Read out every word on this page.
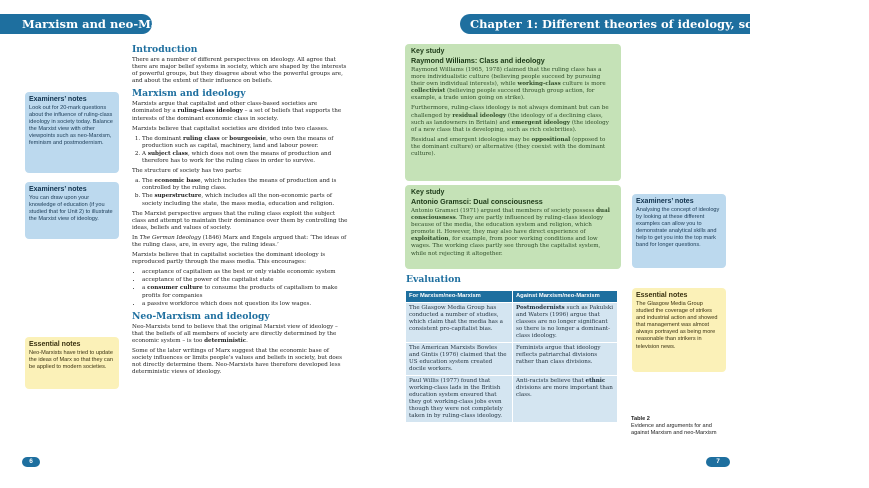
Marxism and neo-Marxism	Chapter 1: Different theories of ideology, science and religion
Examiners’ notes
Look out for 20-mark questions about the influence of ruling-class ideology in society today. Balance the Marxist view with other viewpoints such as neo-Marxism, feminism and postmodernism.
Examiners’ notes
You can draw upon your knowledge of education (if you studied that for Unit 2) to illustrate the Marxist view of ideology.
Essential notes
Neo-Marxists have tried to update the ideas of Marx so that they can be applied to modern societies.
Introduction

There are a number of different perspectives on ideology. All agree that there are major belief systems in society, which are shaped by the interests of powerful groups, but they disagree about who the powerful groups are, and about the extent of their influence on beliefs.

Marxism and ideology

Marxists argue that capitalist and other class-based societies are dominated by a ruling-class ideology – a set of beliefs that supports the interests of the dominant economic class in society.

Marxists believe that capitalist societies are divided into two classes.

1. The dominant ruling class or bourgeoisie, who own the means of production such as capital, machinery, land and labour power.
2. A subject class, which does not own the means of production and therefore has to work for the ruling class in order to survive.

The structure of society has two parts:

a. The economic base, which includes the means of production and is controlled by the ruling class.
b. The superstructure, which includes all the non-economic parts of society including the state, the mass media, education and religion.

The Marxist perspective argues that the ruling class exploit the subject class and attempt to maintain their dominance over them by controlling the ideas, beliefs and values of society.

In The German Ideology (1846) Marx and Engels argued that: ‘The ideas of the ruling class, are, in every age, the ruling ideas.’

Marxists believe that in capitalist societies the dominant ideology is reproduced partly through the mass media. This encourages:

• acceptance of capitalism as the best or only viable economic system
• acceptance of the power of the capitalist state
• a consumer culture to consume the products of capitalism to make profits for companies
• a passive workforce which does not question its low wages.
Neo-Marxism and ideology

Neo-Marxists tend to believe that the original Marxist view of ideology – that the beliefs of all members of society are directly determined by the economic system – is too deterministic.

Some of the later writings of Marx suggest that the economic base of society influences or limits people’s values and beliefs in society, but does not directly determine them. Neo-Marxists have therefore developed less deterministic views of ideology.

Key study
Raymond Williams: Class and ideology

Raymond Williams (1965, 1978) claimed that the ruling class has a more individualistic culture (believing people succeed by pursuing their own individual interests), while working-class culture is more collectivist (believing people succeed through group action, for example, a trade union going on strike).

Furthermore, ruling-class ideology is not always dominant but can be challenged by residual ideology (the ideology of a declining class, such as landowners in Britain) and emergent ideology (the ideology of a new class that is developing, such as rich celebrities).

Residual and emergent ideologies may be oppositional (opposed to the dominant culture) or alternative (they coexist with the dominant culture).

Key study
Antonio Gramsci: Dual consciousness

Antonio Gramsci (1971) argued that members of society possess dual consciousness. They are partly influenced by ruling-class ideology because of the media, the education system and religion, which promote it. However, they may also have direct experience of exploitation, for example, from poor working conditions and low wages. The working class partly see through the capitalist system, while not rejecting it altogether.

Evaluation
For Marxism/neo-Marxism	Against Marxism/neo-Marxism
The Glasgow Media Group has conducted a number of studies, which claim that the media has a consistent pro-capitalist bias.	Postmodernists such as Pakulski and Waters (1996) argue that classes are no longer significant so there is no longer a dominant-class ideology.
The American Marxists Bowles and Gintis (1976) claimed that the US education system created docile workers.	Feminists argue that ideology reflects patriarchal divisions rather than class divisions.
Paul Willis (1977) found that working-class lads in the British education system ensured that they got working-class jobs even though they were not completely taken in by ruling-class ideology.	Anti-racists believe that ethnic divisions are more important than class.
Examiners’ notes
Analysing the concept of ideology by looking at these different examples can allow you to demonstrate analytical skills and help to get you into the top mark band for longer questions.
Essential notes
The Glasgow Media Group studied the coverage of strikes and industrial action and showed that management was almost always portrayed as being more reasonable than strikers in television news.
Table 2
Evidence and arguments for and against Marxism and neo-Marxism
6	7
